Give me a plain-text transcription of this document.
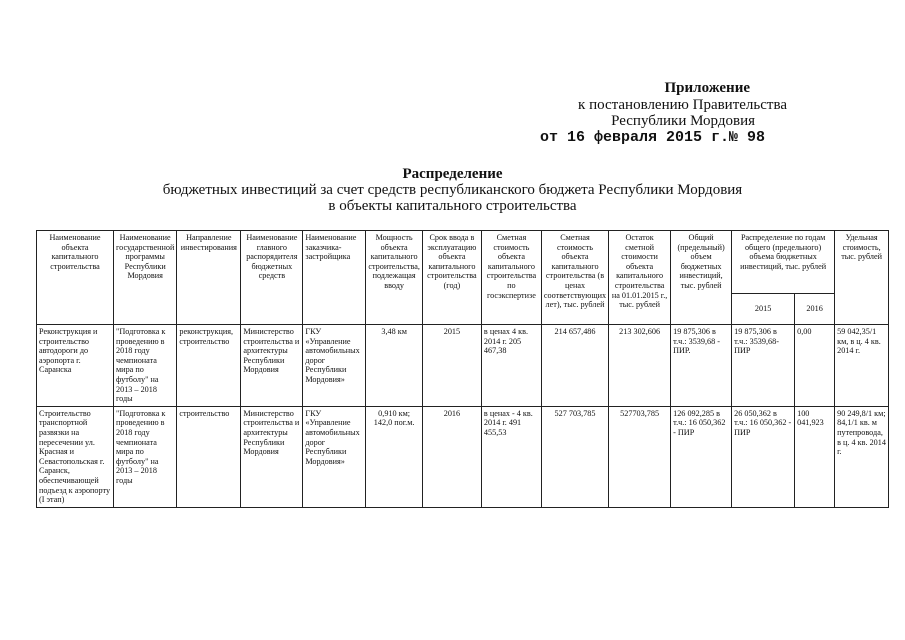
Приложение
к постановлению Правительства
Республики Мордовия
от 16 февраля 2015 г.№ 98
Распределение
бюджетных инвестиций за счет средств республиканского бюджета Республики Мордовия
в объекты капитального строительства
Наименование объекта капитального строительства	Наименование государственной программы Республики Мордовия	Направление инвестирования	Наименование главного распорядителя бюджетных средств	Наименование заказчика-застройщика	Мощность объекта капитального строительства, подлежащая вводу	Срок ввода в эксплуатацию объекта капитального строительства (год)	Сметная стоимость объекта капитального строительства по госэкспертизе	Сметная стоимость объекта капитального строительства (в ценах соответствующих лет), тыс. рублей	Остаток сметной стоимости объекта капитального строительства на 01.01.2015 г., тыс. рублей	Общий (предельный) объем бюджетных инвестиций, тыс. рублей	Распределение по годам общего (предельного) объема бюджетных инвестиций, тыс. рублей		Удельная стоимость, тыс. рублей
											2015	2016	
Реконструкция и строительство автодороги до аэропорта г. Саранска	"Подготовка к проведению в 2018 году чемпионата мира по футболу" на 2013 – 2018 годы	реконструкция, строительство	Министерство строительства и архитектуры Республики Мордовия	ГКУ «Управление автомобильных дорог Республики Мордовия»	3,48 км	2015	в ценах 4 кв. 2014 г. 205 467,38	214 657,486	213 302,606	19 875,306 в т.ч.: 3539,68 - ПИР.	19 875,306 в т.ч.: 3539,68-ПИР	0,00	59 042,35/1 км, в ц. 4 кв. 2014 г.
Строительство транспортной развязки на пересечении ул. Красная и Севастопольская г. Саранск, обеспечивающей подъезд к аэропорту (I этап)	"Подготовка к проведению в 2018 году чемпионата мира по футболу" на 2013 – 2018 годы	строительство	Министерство строительства и архитектуры Республики Мордовия	ГКУ «Управление автомобильных дорог Республики Мордовия»	0,910 км; 142,0 пог.м.	2016	в ценах - 4 кв. 2014 г. 491 455,53	527 703,785	527703,785	126 092,285 в т.ч.: 16 050,362 - ПИР	26 050,362 в т.ч.: 16 050,362 - ПИР	100 041,923	90 249,8/1 км; 84,1/1 кв. м путепровода, в ц. 4 кв. 2014 г.
